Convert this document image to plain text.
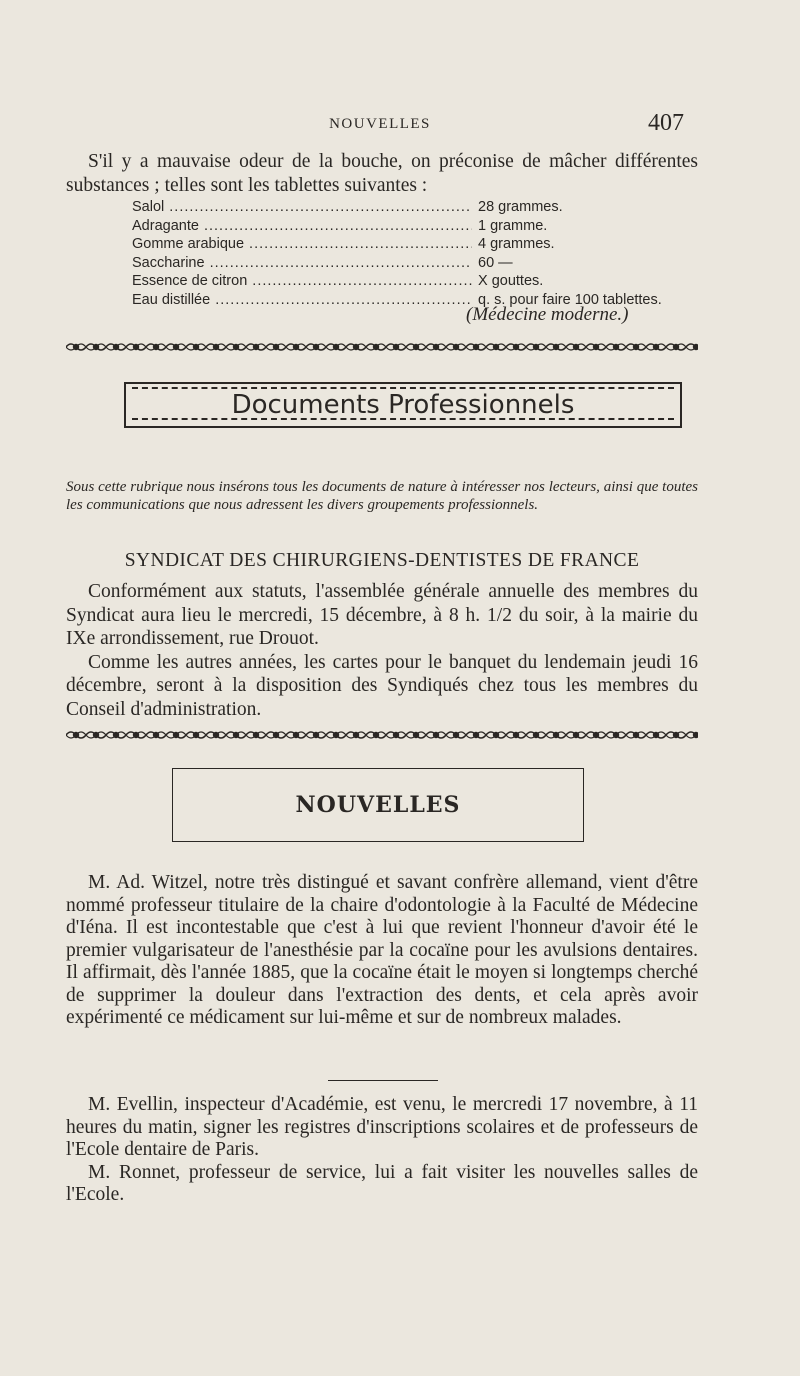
NOUVELLES	407
S'il y a mauvaise odeur de la bouche, on préconise de mâcher différentes substances ; telles sont les tablettes suivantes :
Salol .....	28 grammes.
Adragante .....	1 gramme.
Gomme arabique .....	4 grammes.
Saccharine .....	60 —
Essence de citron .....	X gouttes.
Eau distillée .....	q. s. pour faire 100 tablettes.
(Médecine moderne.)
Documents Professionnels
Sous cette rubrique nous insérons tous les documents de nature à intéresser nos lecteurs, ainsi que toutes les communications que nous adressent les divers groupements professionnels.
SYNDICAT DES CHIRURGIENS-DENTISTES DE FRANCE

Conformément aux statuts, l'assemblée générale annuelle des membres du Syndicat aura lieu le mercredi, 15 décembre, à 8 h. 1/2 du soir, à la mairie du IXe arrondissement, rue Drouot.

Comme les autres années, les cartes pour le banquet du lendemain jeudi 16 décembre, seront à la disposition des Syndiqués chez tous les membres du Conseil d'administration.

NOUVELLES
M. Ad. Witzel, notre très distingué et savant confrère allemand, vient d'être nommé professeur titulaire de la chaire d'odontologie à la Faculté de Médecine d'Iéna. Il est incontestable que c'est à lui que revient l'honneur d'avoir été le premier vulgarisateur de l'anesthésie par la cocaïne pour les avulsions dentaires. Il affirmait, dès l'année 1885, que la cocaïne était le moyen si longtemps cherché de supprimer la douleur dans l'extraction des dents, et cela après avoir expérimenté ce médicament sur lui-même et sur de nombreux malades.

M. Evellin, inspecteur d'Académie, est venu, le mercredi 17 novembre, à 11 heures du matin, signer les registres d'inscriptions scolaires et de professeurs de l'Ecole dentaire de Paris.

M. Ronnet, professeur de service, lui a fait visiter les nouvelles salles de l'Ecole.
